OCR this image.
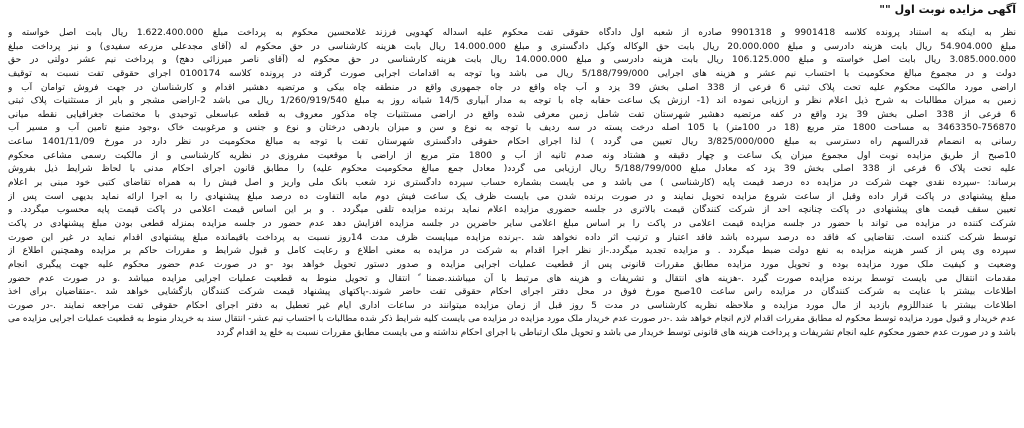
آگهی مزایده نوبت اول ""
نظر به اینکه به استناد پرونده کلاسه 9901418 و 9901318 صادره از شعبه اول دادگاه حقوقی تفت محکوم علیه اسداله کهدویی فرزند غلامحسین محکوم به پرداخت مبلغ 1.622.400.000 ریال بابت اصل خواسته و
مبلغ 54.904.000 ریال بابت هزینه دادرسی و مبلغ 20.000.000 ریال بابت حق الوکاله وکیل دادگستری و مبلغ 14.000.000 ریال بابت هزینه کارشناسی در حق محکوم له (آقای مجدعلی مزرعه سفیدی) و نیز پرداخت مبلغ
3.085.000.000 ریال بابت اصل خواسته و مبلغ 106.125.000 ریال بابت هزینه دادرسی و مبلغ 14.000.000 ریال بابت هزینه کارشناسی در حق محکوم له (آقای ناصر میرزائی دهج) و پرداخت نیم عشر دولتی در حق
دولت و در مجموع مبالغ محکومیت با احتساب نیم عشر و هزینه های اجرایی 5/188/799/000 ریال می باشد وبا توجه به اقدامات اجرایی صورت گرفته در پرونده کلاسه 0100174 اجرای حقوقی تفت نسبت به توقیف
اراضی مورد مالکیت محکوم علیه تحت پلاک ثبتی 6 فرعی از 338 اصلی بخش 39 یزد و آب چاه واقع در جاه جمهوری واقع در منطقه چاه بیکی و مرتضیه دهشیر اقدام و کارشناسان در جهت فروش توامان آب و
زمین به میزان مطالبات به شرح ذیل اعلام نظر و ارزیابی نموده اند (1- ارزش یک ساعت حقابه چاه با توجه به مدار آبیاری 14/5 شبانه روز به مبلغ 1/260/919/540 ریال می باشد 2-اراضی مشجر و بایر از مستثنیات پلاک ثبتی
6 فرعی از 338 اصلی بخش 39 یزد واقع در کفه مرتضیه دهشیر شهرستان تفت شامل زمین معرفی شده واقع در اراضی مستثنیات چاه مذکور معروف به قطعه عباسعلی توحیدی با مختصات جغرافیایی نقطه میانی
3463350-756870 به مساحت 1800 متر مربع (18 در 100متر) با 105 اصله درخت پسته در سه ردیف با توجه به نوع و سن و میزان باردهی درختان و نوع و جنس و مرغوبیت خاک ،وجود منبع تامین آب و مسیر آب
رسانی به انضمام قدرالسهم راه دسترسی به مبلغ 3/825/000/000 ریال تعیین می گردد ) لذا اجرای احکام حقوقی دادگستری شهرستان تفت با توجه به مبالغ محکومیت در نظر دارد در مورخ 1401/11/09 ساعت
10صبح از طریق مزایده نوبت اول مجموع میزان یک ساعت و چهار دقیقه و هشتاد ونه صدم ثانیه از آب و 1800 متر مربع از اراضی با موقعیت مفروزی در نظریه کارشناسی و از مالکیت رسمی مشاعی محکوم
علیه تحت پلاک 6 فرعی از 338 اصلی بخش 39 یزد که معادل مبلغ 5/188/799/000 ریال ارزیابی می گردد( معادل جمع مبالغ محکومیت محکوم علیه) را مطابق قانون اجرای احکام مدنی با لحاظ شرایط ذیل بفروش
برساند: -سپرده نقدی جهت شرکت در مزایده ده درصد قیمت پایه (کارشناسی ) می باشد و می بایست بشماره حساب سپرده دادگستری نزد شعب بانک ملی واریز و اصل فیش را به همراه تقاضای کتبی خود مبنی بر اعلام
مبلغ پیشنهادی در پاکت قرار داده وقبل از ساعت شروع مزایده تحویل نمایند و در صورت برنده شدن می بایست ظرف یک ساعت فیش دوم مابه التفاوت ده درصد مبلغ پیشنهادی را به اجرا ارائه نماید بدیهی است پس از
تعیین سقف قیمت های پیشنهادی در پاکت چنانچه احد از شرکت کنندگان قیمت بالاتری در جلسه حضوری مزایده اعلام نماید برنده مزایده تلقی میگردد . و بر این اساس قیمت اعلامی در پاکت قیمت پایه محسوب میگردد. و
شرکت کننده در مزایده می تواند با حضور در جلسه مزایده قیمت اعلامی در پاکت را بر اساس مبلغ اعلامی سایر حاضرین در جلسه مزایده افزایش دهد عدم حضور در جلسه مزایده بمنزله قطعی بودن مبلغ پیشنهادی در پاکت
توسط شرکت کننده است. تقاضایی که فاقد ده درصد سپرده باشد فاقد اعتبار و ترتیب اثر داده نخواهد شد .-برنده مزایده میبایست ظرف مدت 14روز نسبت به پرداخت باقیمانده مبلغ پیشنهادی اقدام نماید در غیر این صورت
سپرده وی پس از کسر هزینه مزایده به نفع دولت ضبط میگردد . و مزایده تجدید میگردد.-از نظر اجرا اقدام به شرکت در مزایده به معنی اطلاع و رعایت کامل و قبول شرایط و مقررات حاکم بر مزایده وهمچنین اطلاع از
وضعیت و کیفیت ملک مورد مزایده بوده و تحویل مورد مزایده مطابق مقررات قانونی پس از قطعیت عملیات اجرایی مزایده و صدور دستور تحویل خواهد بود -و در صورت عدم حضور محکوم علیه جهت پیگیری انجام
مقدمات انتقال می بایست توسط برنده مزایده صورت گیرد .-هزینه های انتقال و تشریفات و هزینه های مرتبط با آن میباشند.ضمنا ً انتقال و تحویل منوط به قطعیت عملیات اجرایی مزایده میباشد .و در صورت عدم حضور
اطلاعات بیشتر با عنایت به شرکت کنندگان در مزایده راس ساعت 10صبح مورخ فوق در محل دفتر اجرای احکام حقوقی تفت حاضر شوند.-پاکتهای پیشنهاد قیمت شرکت کنندگان بازگشایی خواهد شد .-متقاضیان برای اخذ
اطلاعات بیشتر با عنداللزوم بازدید از مال مورد مزایده و ملاحظه نظریه کارشناسی در مدت 5 روز قبل از زمان مزایده میتوانند در ساعات اداری ایام غیر تعطیل به دفتر اجرای احکام حقوقی تفت مراجعه نمایند .-در صورت
عدم خریدار و قبول مورد مزایده توسط محکوم له مطابق مقررات اقدام لازم انجام خواهد شد .-در صورت عدم خریدار ملک مورد مزایده در مزایده می بایست کلیه شرایط ذکر شده مطالبات با احتساب نیم عشر- انتقال سند به خریدار منوط به قطعیت عملیات اجرایی مزایده می
باشد و در صورت عدم حضور محکوم علیه انجام تشریفات و پرداخت هزینه های قانونی توسط خریدار می باشد و تحویل ملک ارتباطی با اجرای احکام نداشته و می بایست مطابق مقررات نسبت به خلع ید اقدام گردد
